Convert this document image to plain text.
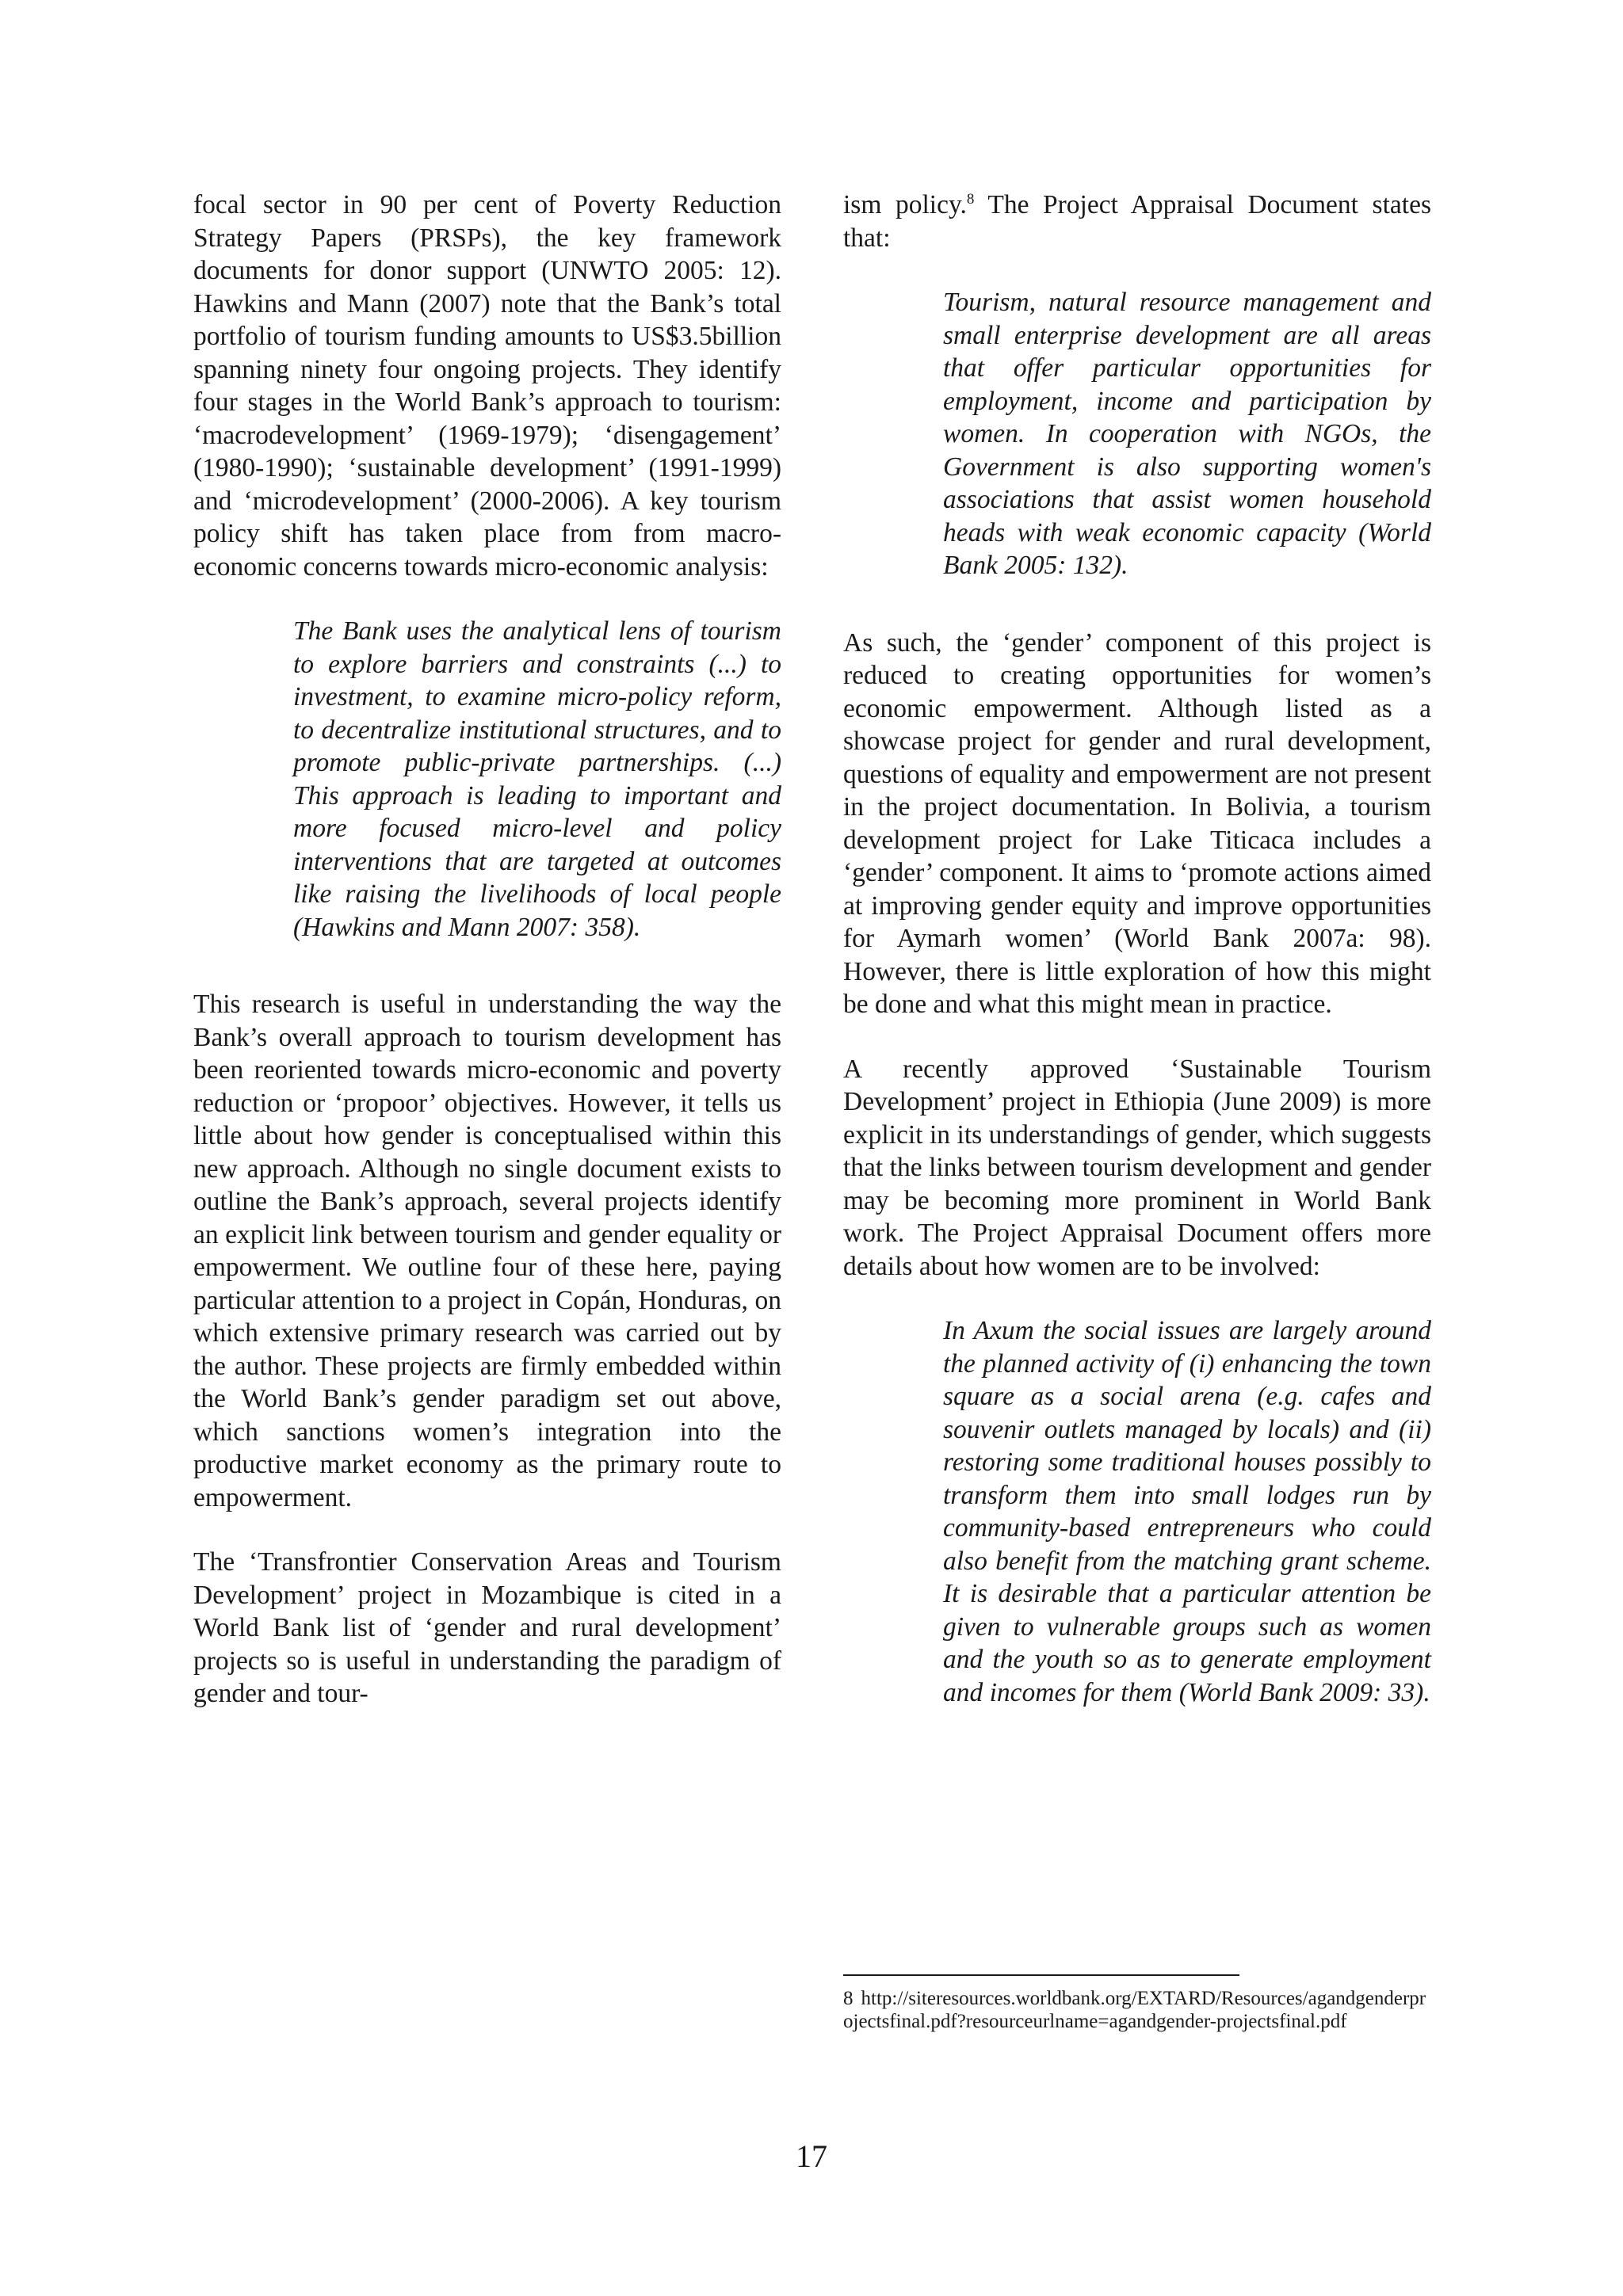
focal sector in 90 per cent of Poverty Reduction Strategy Papers (PRSPs), the key framework documents for donor support (UNWTO 2005: 12). Hawkins and Mann (2007) note that the Bank’s total portfolio of tourism funding amounts to US$3.5billion spanning ninety four ongoing projects. They identify four stages in the World Bank’s approach to tourism: ‘macrodevelopment’ (1969-1979); ‘disengagement’ (1980-1990); ‘sustainable development’ (1991-1999) and ‘microdevelopment’ (2000-2006). A key tourism policy shift has taken place from from macro-economic concerns towards micro-economic analysis:

The Bank uses the analytical lens of tourism to explore barriers and constraints (...) to investment, to examine micro-policy reform, to decentralize institutional structures, and to promote public-private partnerships. (...) This approach is leading to important and more focused micro-level and policy interventions that are targeted at outcomes like raising the livelihoods of local people (Hawkins and Mann 2007: 358).

This research is useful in understanding the way the Bank’s overall approach to tourism development has been reoriented towards micro-economic and poverty reduction or ‘propoor’ objectives. However, it tells us little about how gender is conceptualised within this new approach. Although no single document exists to outline the Bank’s approach, several projects identify an explicit link between tourism and gender equality or empowerment. We outline four of these here, paying particular attention to a project in Copán, Honduras, on which extensive primary research was carried out by the author. These projects are firmly embedded within the World Bank’s gender paradigm set out above, which sanctions women’s integration into the productive market economy as the primary route to empowerment.

The ‘Transfrontier Conservation Areas and Tourism Development’ project in Mozambique is cited in a World Bank list of ‘gender and rural development’ projects so is useful in understanding the paradigm of gender and tour-

ism policy.$^8$ The Project Appraisal Document states that:

Tourism, natural resource management and small enterprise development are all areas that offer particular opportunities for employment, income and participation by women. In cooperation with NGOs, the Government is also supporting women's associations that assist women household heads with weak economic capacity (World Bank 2005: 132).

As such, the ‘gender’ component of this project is reduced to creating opportunities for women’s economic empowerment. Although listed as a showcase project for gender and rural development, questions of equality and empowerment are not present in the project documentation. In Bolivia, a tourism development project for Lake Titicaca includes a ‘gender’ component. It aims to ‘promote actions aimed at improving gender equity and improve opportunities for Aymarh women’ (World Bank 2007a: 98). However, there is little exploration of how this might be done and what this might mean in practice.

A recently approved ‘Sustainable Tourism Development’ project in Ethiopia (June 2009) is more explicit in its understandings of gender, which suggests that the links between tourism development and gender may be becoming more prominent in World Bank work. The Project Appraisal Document offers more details about how women are to be involved:

In Axum the social issues are largely around the planned activity of (i) enhancing the town square as a social arena (e.g. cafes and souvenir outlets managed by locals) and (ii) restoring some traditional houses possibly to transform them into small lodges run by community-based entrepreneurs who could also benefit from the matching grant scheme. It is desirable that a particular attention be given to vulnerable groups such as women and the youth so as to generate employment and incomes for them (World Bank 2009: 33).
8 http://siteresources.worldbank.org/EXTARD/Resources/agandgenderprojectsfinal.pdf?resourceurlname=agandgender-projectsfinal.pdf
17
